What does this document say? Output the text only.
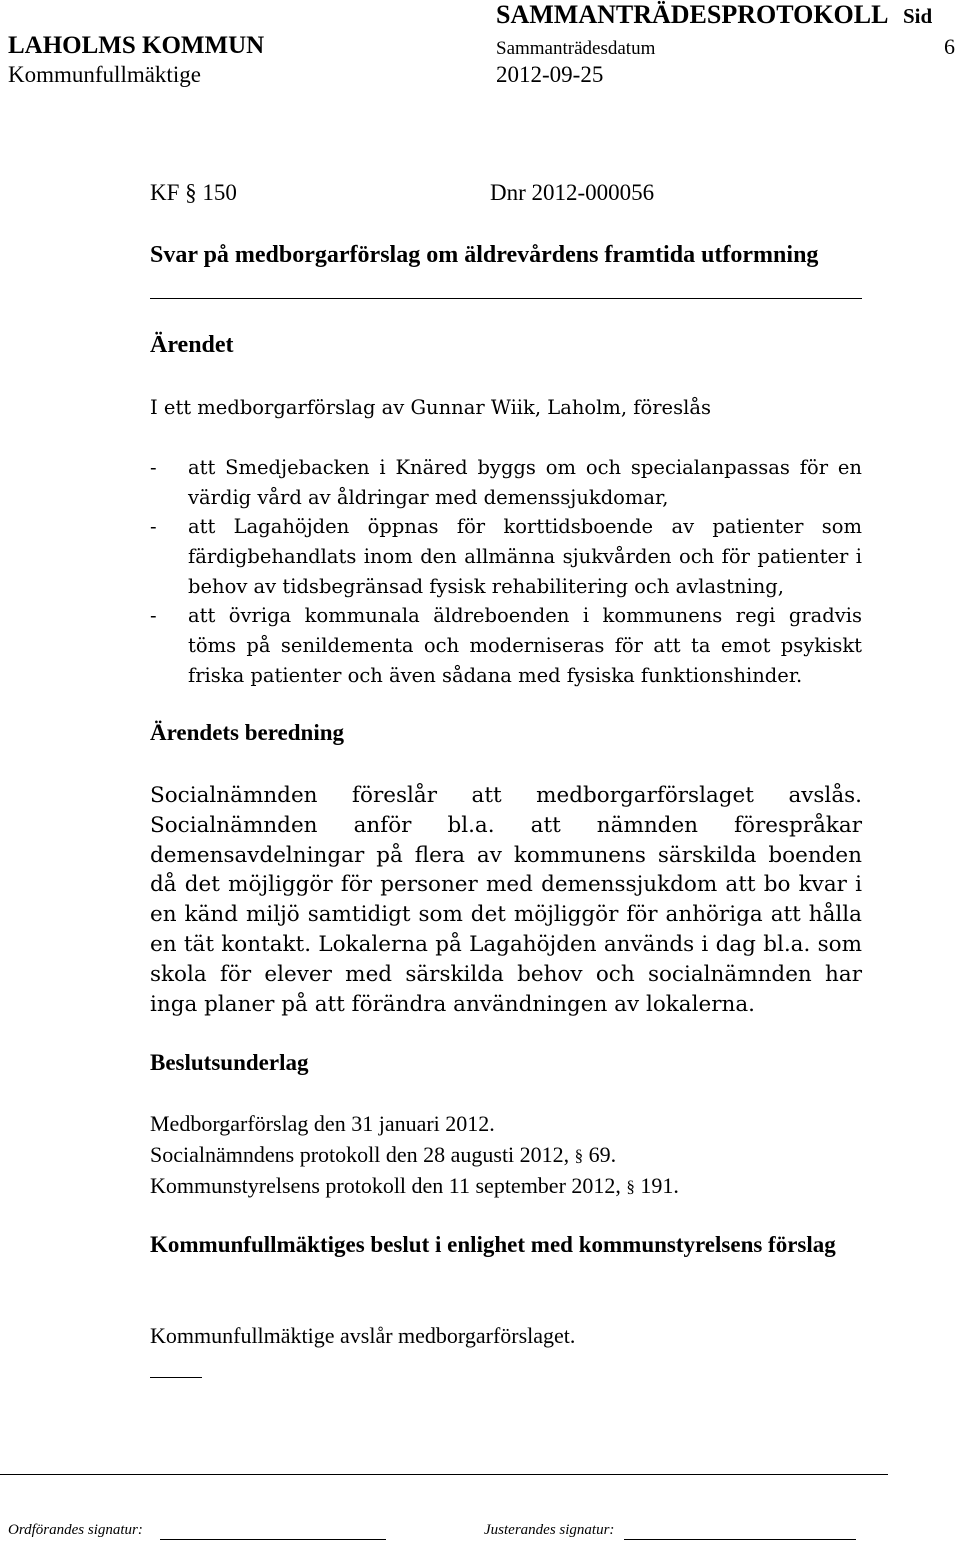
SAMMANTRÄDESPROTOKOLL Sid
LAHOLMS KOMMUN	Sammanträdesdatum	6
Kommunfullmäktige	2012-09-25
KF § 150	Dnr 2012-000056
Svar på medborgarförslag om äldrevårdens framtida utformning
Ärendet
I ett medborgarförslag av Gunnar Wiik, Laholm, föreslås
- att Smedjebacken i Knäred byggs om och specialanpassas för en värdig vård av åldringar med demenssjukdomar,
- att Lagahöjden öppnas för korttidsboende av patienter som färdigbehandlats inom den allmänna sjukvården och för patienter i behov av tidsbegränsad fysisk rehabilitering och avlastning,
- att övriga kommunala äldreboenden i kommunens regi gradvis töms på senildementa och moderniseras för att ta emot psykiskt friska patienter och även sådana med fysiska funktionshinder.
Ärendets beredning
Socialnämnden föreslår att medborgarförslaget avslås. Socialnämnden anför bl.a. att nämnden förespråkar demensavdelningar på flera av kommunens särskilda boenden då det möjliggör för personer med demenssjukdom att bo kvar i en känd miljö samtidigt som det möjliggör för anhöriga att hålla en tät kontakt. Lokalerna på Lagahöjden används i dag bl.a. som skola för elever med särskilda behov och socialnämnden har inga planer på att förändra användningen av lokalerna.
Beslutsunderlag
Medborgarförslag den 31 januari 2012.
Socialnämndens protokoll den 28 augusti 2012, § 69.
Kommunstyrelsens protokoll den 11 september 2012, § 191.
Kommunfullmäktiges beslut i enlighet med kommunstyrelsens förslag
Kommunfullmäktige avslår medborgarförslaget.
Ordförandes signatur:	Justerandes signatur:
